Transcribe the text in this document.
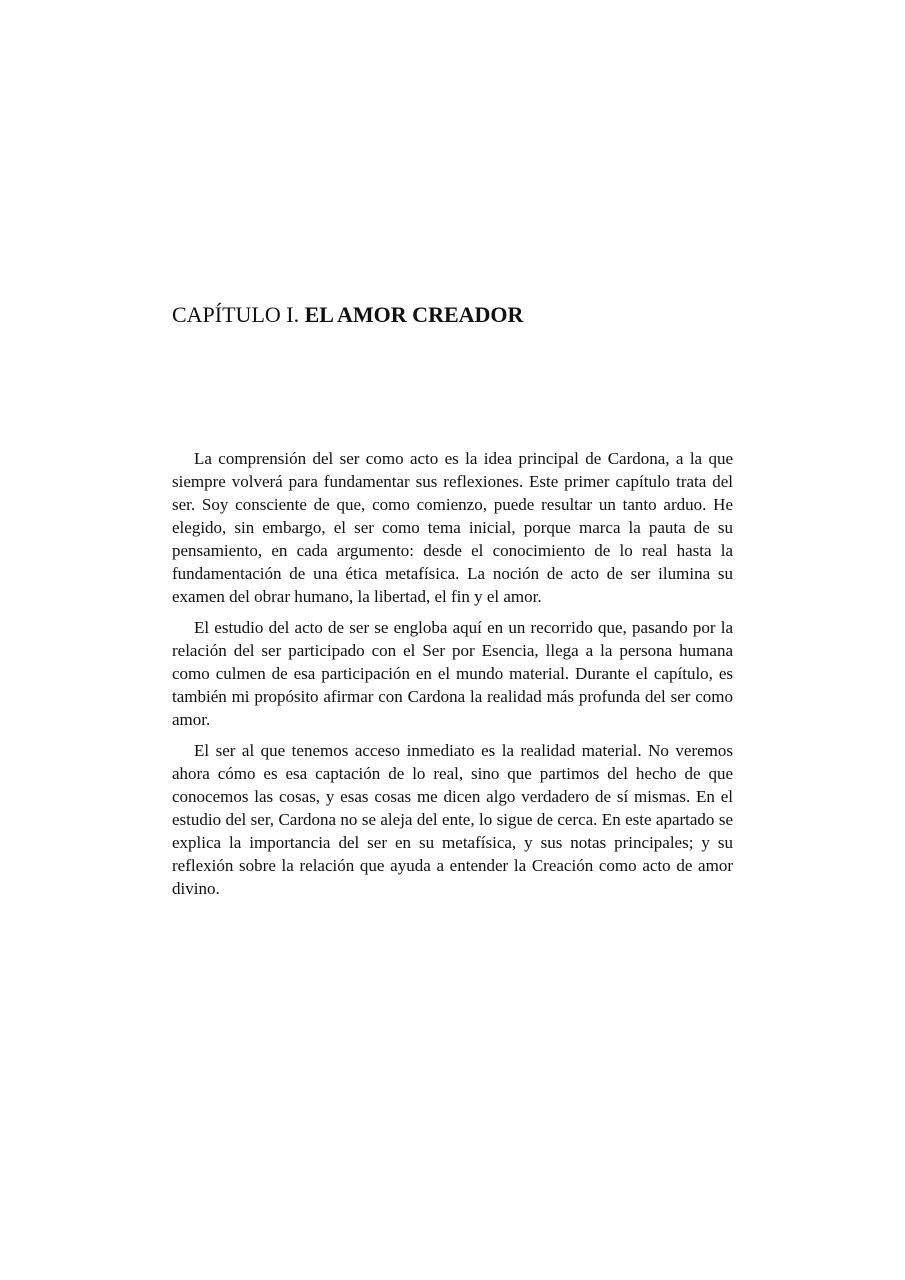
CAPÍTULO I. EL AMOR CREADOR

La comprensión del ser como acto es la idea principal de Cardona, a la que siempre volverá para fundamentar sus reflexiones. Este primer capítulo trata del ser. Soy consciente de que, como comienzo, puede resultar un tanto arduo. He elegido, sin embargo, el ser como tema inicial, porque marca la pauta de su pensamiento, en cada argumento: desde el conocimiento de lo real hasta la fundamentación de una ética metafísica. La noción de acto de ser ilumina su examen del obrar humano, la libertad, el fin y el amor.

El estudio del acto de ser se engloba aquí en un recorrido que, pasando por la relación del ser participado con el Ser por Esencia, llega a la persona humana como culmen de esa participación en el mundo material. Durante el capítulo, es también mi propósito afirmar con Cardona la realidad más profunda del ser como amor.

El ser al que tenemos acceso inmediato es la realidad material. No veremos ahora cómo es esa captación de lo real, sino que partimos del hecho de que conocemos las cosas, y esas cosas me dicen algo verdadero de sí mismas. En el estudio del ser, Cardona no se aleja del ente, lo sigue de cerca. En este apartado se explica la importancia del ser en su metafísica, y sus notas principales; y su reflexión sobre la relación que ayuda a entender la Creación como acto de amor divino.
